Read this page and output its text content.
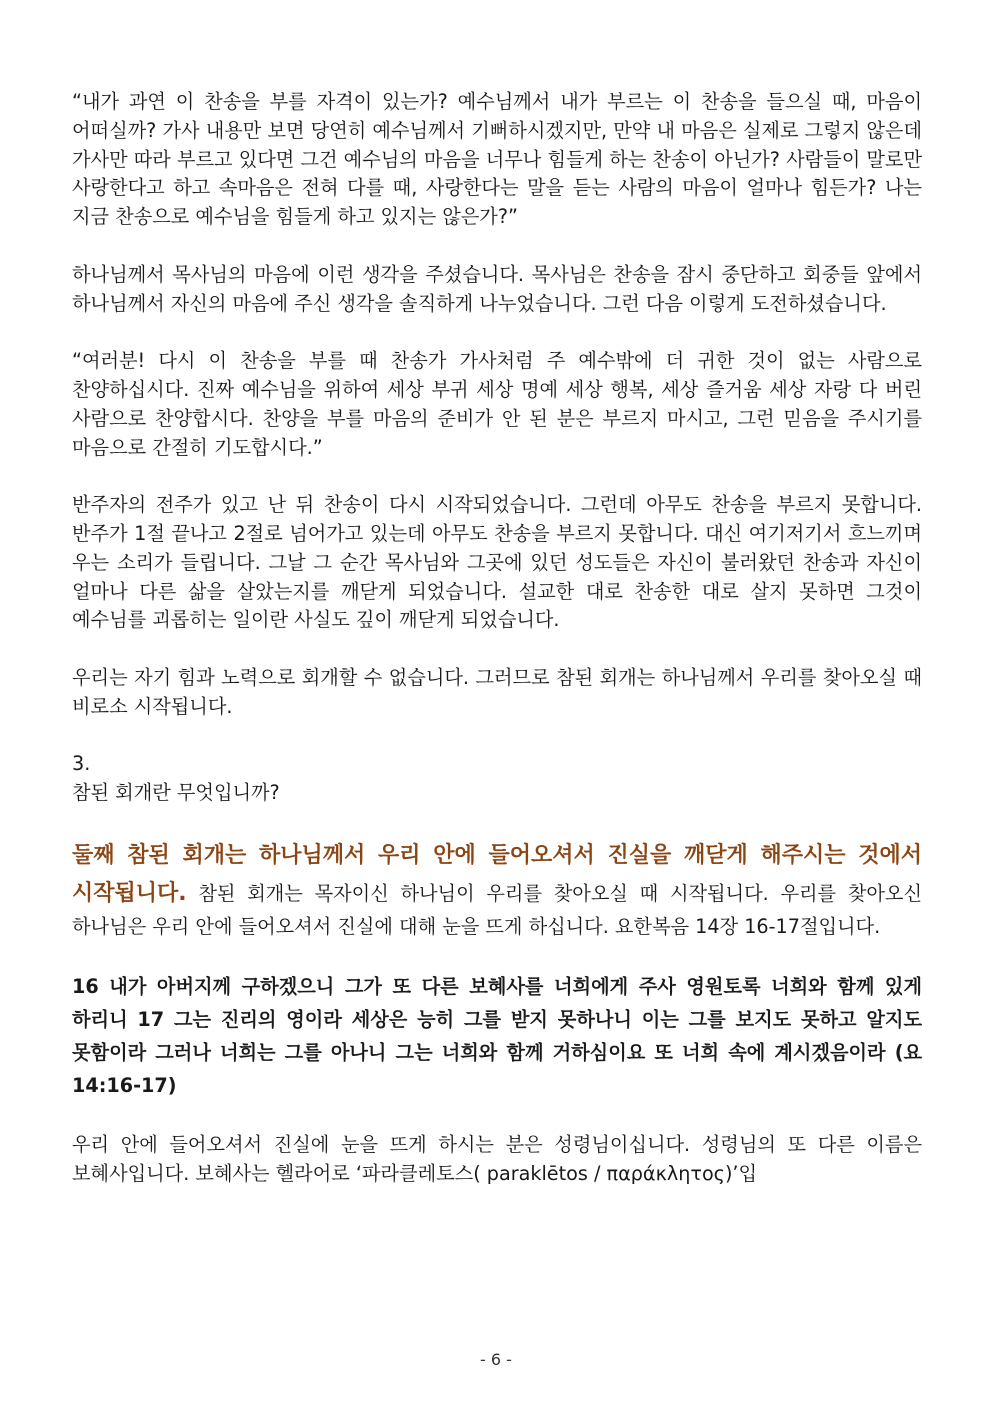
“내가 과연 이 찬송을 부를 자격이 있는가? 예수님께서 내가 부르는 이 찬송을 들으실 때, 마음이 어떠실까? 가사 내용만 보면 당연히 예수님께서 기뻐하시겠지만, 만약 내 마음은 실제로 그렇지 않은데 가사만 따라 부르고 있다면 그건 예수님의 마음을 너무나 힘들게 하는 찬송이 아닌가? 사람들이 말로만 사랑한다고 하고 속마음은 전혀 다를 때, 사랑한다는 말을 듣는 사람의 마음이 얼마나 힘든가? 나는 지금 찬송으로 예수님을 힘들게 하고 있지는 않은가?”

하나님께서 목사님의 마음에 이런 생각을 주셨습니다. 목사님은 찬송을 잠시 중단하고 회중들 앞에서 하나님께서 자신의 마음에 주신 생각을 솔직하게 나누었습니다. 그런 다음 이렇게 도전하셨습니다.

“여러분! 다시 이 찬송을 부를 때 찬송가 가사처럼 주 예수밖에 더 귀한 것이 없는 사람으로 찬양하십시다. 진짜 예수님을 위하여 세상 부귀 세상 명예 세상 행복, 세상 즐거움 세상 자랑 다 버린 사람으로 찬양합시다. 찬양을 부를 마음의 준비가 안 된 분은 부르지 마시고, 그런 믿음을 주시기를 마음으로 간절히 기도합시다.”

반주자의 전주가 있고 난 뒤 찬송이 다시 시작되었습니다. 그런데 아무도 찬송을 부르지 못합니다. 반주가 1절 끝나고 2절로 넘어가고 있는데 아무도 찬송을 부르지 못합니다. 대신 여기저기서 흐느끼며 우는 소리가 들립니다. 그날 그 순간 목사님와 그곳에 있던 성도들은 자신이 불러왔던 찬송과 자신이 얼마나 다른 삶을 살았는지를 깨닫게 되었습니다. 설교한 대로 찬송한 대로 살지 못하면 그것이 예수님를 괴롭히는 일이란 사실도 깊이 깨닫게 되었습니다.

우리는 자기 힘과 노력으로 회개할 수 없습니다. 그러므로 참된 회개는 하나님께서 우리를 찾아오실 때 비로소 시작됩니다.

3.

참된 회개란 무엇입니까?

둘째 참된 회개는 하나님께서 우리 안에 들어오셔서 진실을 깨닫게 해주시는 것에서 시작됩니다. 참된 회개는 목자이신 하나님이 우리를 찾아오실 때 시작됩니다. 우리를 찾아오신 하나님은 우리 안에 들어오셔서 진실에 대해 눈을 뜨게 하십니다. 요한복음 14장 16-17절입니다.

16 내가 아버지께 구하겠으니 그가 또 다른 보혜사를 너희에게 주사 영원토록 너희와 함께 있게 하리니 17 그는 진리의 영이라 세상은 능히 그를 받지 못하나니 이는 그를 보지도 못하고 알지도 못함이라 그러나 너희는 그를 아나니 그는 너희와 함께 거하심이요 또 너희 속에 계시겠음이라 (요 14:16-17)

우리 안에 들어오셔서 진실에 눈을 뜨게 하시는 분은 성령님이십니다. 성령님의 또 다른 이름은 보혜사입니다. 보혜사는 헬라어로 ‘파라클레토스( paraklētos / παράκλητος)’입

- 6 -
